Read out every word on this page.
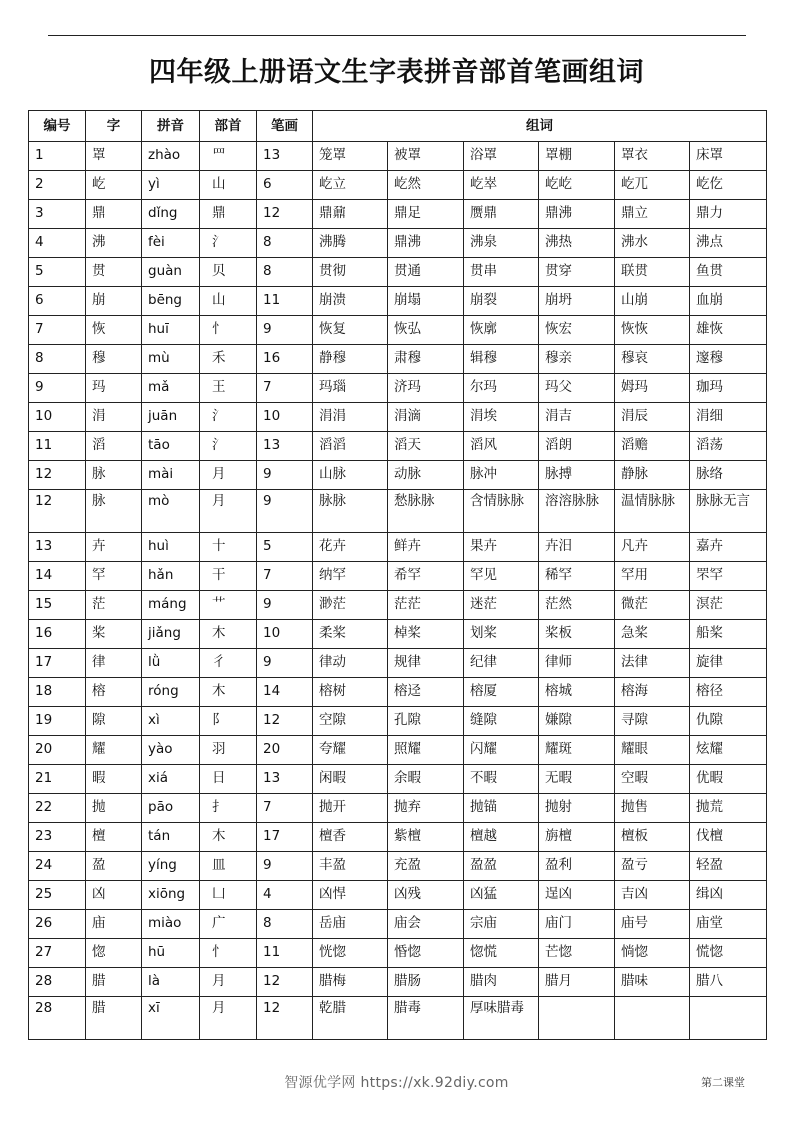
四年级上册语文生字表拼音部首笔画组词
编号	字	拼音	部首	笔画	组词					
1	罩	zhào	罒	13	笼罩	被罩	浴罩	罩棚	罩衣	床罩
2	屹	yì	山	6	屹立	屹然	屹崒	屹屹	屹兀	屹仡
3	鼎	dǐng	鼎	12	鼎鼐	鼎足	赝鼎	鼎沸	鼎立	鼎力
4	沸	fèi	氵	8	沸腾	鼎沸	沸泉	沸热	沸水	沸点
5	贯	guàn	贝	8	贯彻	贯通	贯串	贯穿	联贯	鱼贯
6	崩	bēng	山	11	崩溃	崩塌	崩裂	崩坍	山崩	血崩
7	恢	huī	忄	9	恢复	恢弘	恢廓	恢宏	恢恢	雄恢
8	穆	mù	禾	16	静穆	肃穆	辑穆	穆亲	穆哀	邃穆
9	玛	mǎ	王	7	玛瑙	济玛	尔玛	玛父	姆玛	珈玛
10	涓	juān	氵	10	涓涓	涓滴	涓埃	涓吉	涓辰	涓细
11	滔	tāo	氵	13	滔滔	滔天	滔风	滔朗	滔赡	滔荡
12	脉	mài	月	9	山脉	动脉	脉冲	脉搏	静脉	脉络
12	脉	mò	月	9	脉脉	愁脉脉	含情脉脉	溶溶脉脉	温情脉脉	脉脉无言
13	卉	huì	十	5	花卉	鲜卉	果卉	卉汨	凡卉	嘉卉
14	罕	hǎn	干	7	纳罕	希罕	罕见	稀罕	罕用	罘罕
15	茫	máng	艹	9	渺茫	茫茫	迷茫	茫然	微茫	溟茫
16	桨	jiǎng	木	10	柔桨	棹桨	划桨	桨板	急桨	船桨
17	律	lǜ	彳	9	律动	规律	纪律	律师	法律	旋律
18	榕	róng	木	14	榕树	榕迳	榕厦	榕城	榕海	榕径
19	隙	xì	阝	12	空隙	孔隙	缝隙	嫌隙	寻隙	仇隙
20	耀	yào	羽	20	夸耀	照耀	闪耀	耀斑	耀眼	炫耀
21	暇	xiá	日	13	闲暇	余暇	不暇	无暇	空暇	优暇
22	抛	pāo	扌	7	抛开	抛弃	抛锚	抛射	抛售	抛荒
23	檀	tán	木	17	檀香	紫檀	檀越	旃檀	檀板	伐檀
24	盈	yíng	皿	9	丰盈	充盈	盈盈	盈利	盈亏	轻盈
25	凶	xiōng	凵	4	凶悍	凶残	凶猛	逞凶	吉凶	缉凶
26	庙	miào	广	8	岳庙	庙会	宗庙	庙门	庙号	庙堂
27	惚	hū	忄	11	恍惚	惛惚	惚慌	芒惚	惝惚	慌惚
28	腊	là	月	12	腊梅	腊肠	腊肉	腊月	腊味	腊八
28	腊	xī	月	12	乾腊	腊毒	厚味腊毒			
智源优学网 https://xk.92diy.com	第二课堂
